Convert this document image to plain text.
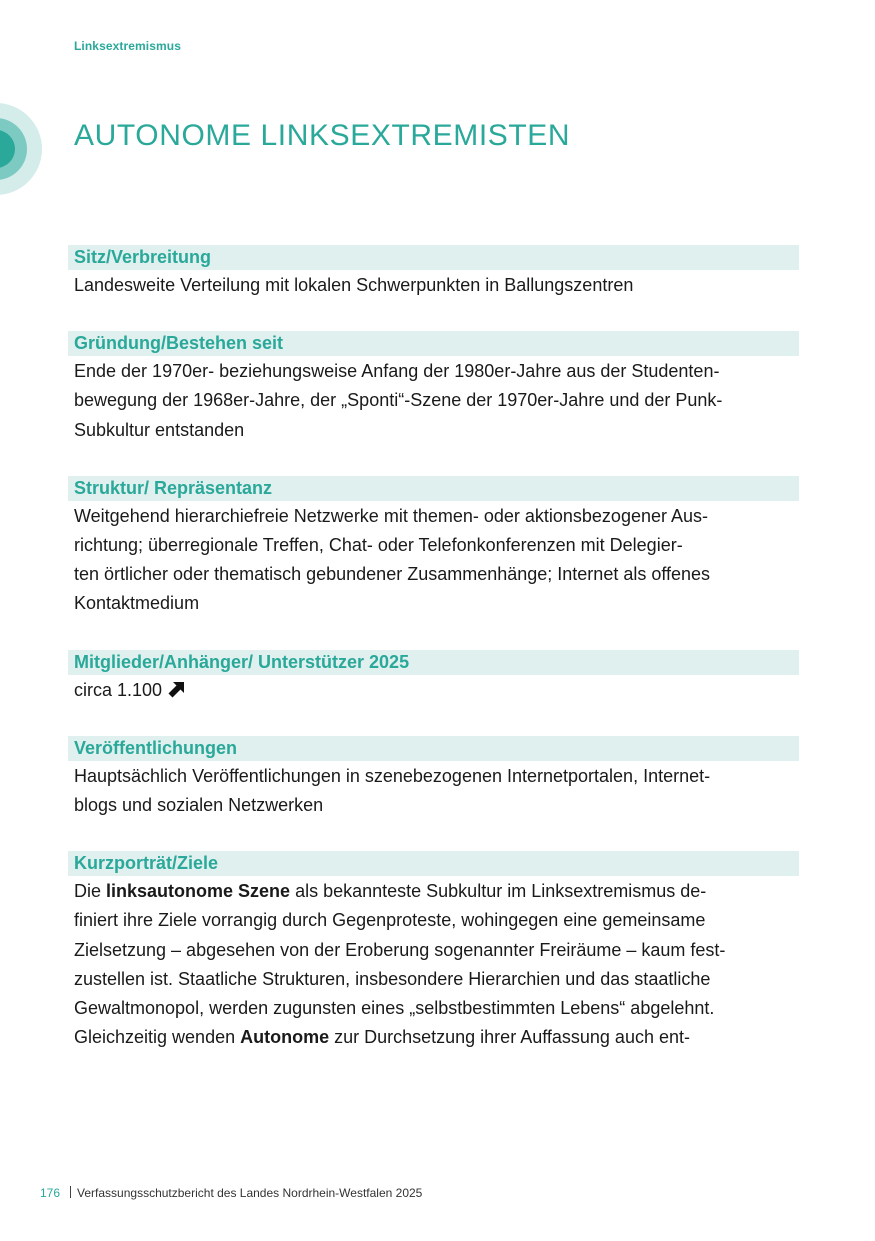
Linksextremismus
AUTONOME LINKSEXTREMISTEN
Sitz/Verbreitung

Landesweite Verteilung mit lokalen Schwerpunkten in Ballungszentren

Gründung/Bestehen seit

Ende der 1970er- beziehungsweise Anfang der 1980er-Jahre aus der Studenten-
bewegung der 1968er-Jahre, der „Sponti“-Szene der 1970er-Jahre und der Punk-
Subkultur entstanden

Struktur/ Repräsentanz

Weitgehend hierarchiefreie Netzwerke mit themen- oder aktionsbezogener Aus-
richtung; überregionale Treffen, Chat- oder Telefonkonferenzen mit Delegier-
ten örtlicher oder thematisch gebundener Zusammenhänge; Internet als offenes
Kontaktmedium

Mitglieder/Anhänger/ Unterstützer 2025

circa 1.100

Veröffentlichungen

Hauptsächlich Veröffentlichungen in szenebezogenen Internetportalen, Internet-
blogs und sozialen Netzwerken

Kurzporträt/Ziele

Die linksautonome Szene als bekannteste Subkultur im Linksextremismus de-
finiert ihre Ziele vorrangig durch Gegenproteste, wohingegen eine gemeinsame
Zielsetzung – abgesehen von der Eroberung sogenannter Freiräume – kaum fest-
zustellen ist. Staatliche Strukturen, insbesondere Hierarchien und das staatliche
Gewaltmonopol, werden zugunsten eines „selbstbestimmten Lebens“ abgelehnt.
Gleichzeitig wenden Autonome zur Durchsetzung ihrer Auffassung auch ent-

176 Verfassungsschutzbericht des Landes Nordrhein-Westfalen 2025
